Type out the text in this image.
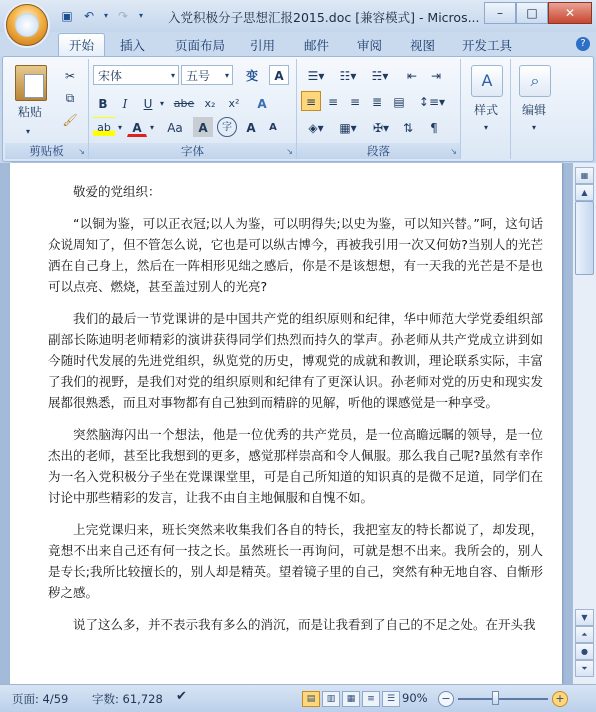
▣ ↶	▾ ↷	▾ 入党积极分子思想汇报2015.doc [兼容模式] - Micros...	–	□	✕
开始	插入 页面布局 引用 邮件 审阅 视图 开发工具	?
粘贴
▾
✂
⧉
🖌
剪贴板	↘
宋体	▾ 五号	▾	变	A
B	I	U ▾ abe x₂	x²	A
ab ▾ A	▾	Aa	A	字	A	A
字体	↘
☰▾	☷▾	☵▾	⇤	⇥
≡ ≡ ≡ ≣ ▤	↕≡▾
◈▾	▦▾	✠▾	⇅	¶
段落	↘
A
样式
▾
⌕
编辑
▾

敬爱的党组织：

“以铜为鉴，可以正衣冠;以人为鉴，可以明得失;以史为鉴，可以知兴替。”呵，这句话众说周知了，但不管怎么说，它也是可以纵古博今，再被我引用一次又何妨?当别人的光芒洒在自己身上，然后在一阵相形见绌之感后，你是不是该想想，有一天我的光芒是不是也可以点亮、燃烧，甚至盖过别人的光亮?

我们的最后一节党课讲的是中国共产党的组织原则和纪律，华中师范大学党委组织部副部长陈迪明老师精彩的演讲获得同学们热烈而持久的掌声。孙老师从共产党成立讲到如今随时代发展的先进党组织，纵览党的历史，博观党的成就和教训，理论联系实际，丰富了我们的视野，是我们对党的组织原则和纪律有了更深认识。孙老师对党的历史和现实发展都很熟悉，而且对事物都有自己独到而精辟的见解，听他的课感觉是一种享受。

突然脑海闪出一个想法，他是一位优秀的共产党员，是一位高瞻远瞩的领导，是一位杰出的老师，甚至比我想到的更多，感觉那样崇高和令人佩服。那么我自己呢?虽然有幸作为一名入党积极分子坐在党课课堂里，可是自己所知道的知识真的是微不足道，同学们在讨论中那些精彩的发言，让我不由自主地佩服和自愧不如。

上完党课归来，班长突然来收集我们各自的特长，我把室友的特长都说了，却发现，竟想不出来自己还有何一技之长。虽然班长一再询问，可就是想不出来。我所会的，别人是专长;我所比较擅长的，别人却是精英。望着镜子里的自己，突然有种无地自容、自惭形秽之感。

说了这么多，并不表示我有多么的消沉，而是让我看到了自己的不足之处。在开头我

▦
▲
▼
⏶
●
⏷
页面: 4/59 字数: 61,728 ✔	▤	▥	▦	≡	☰ 90%	−	+
